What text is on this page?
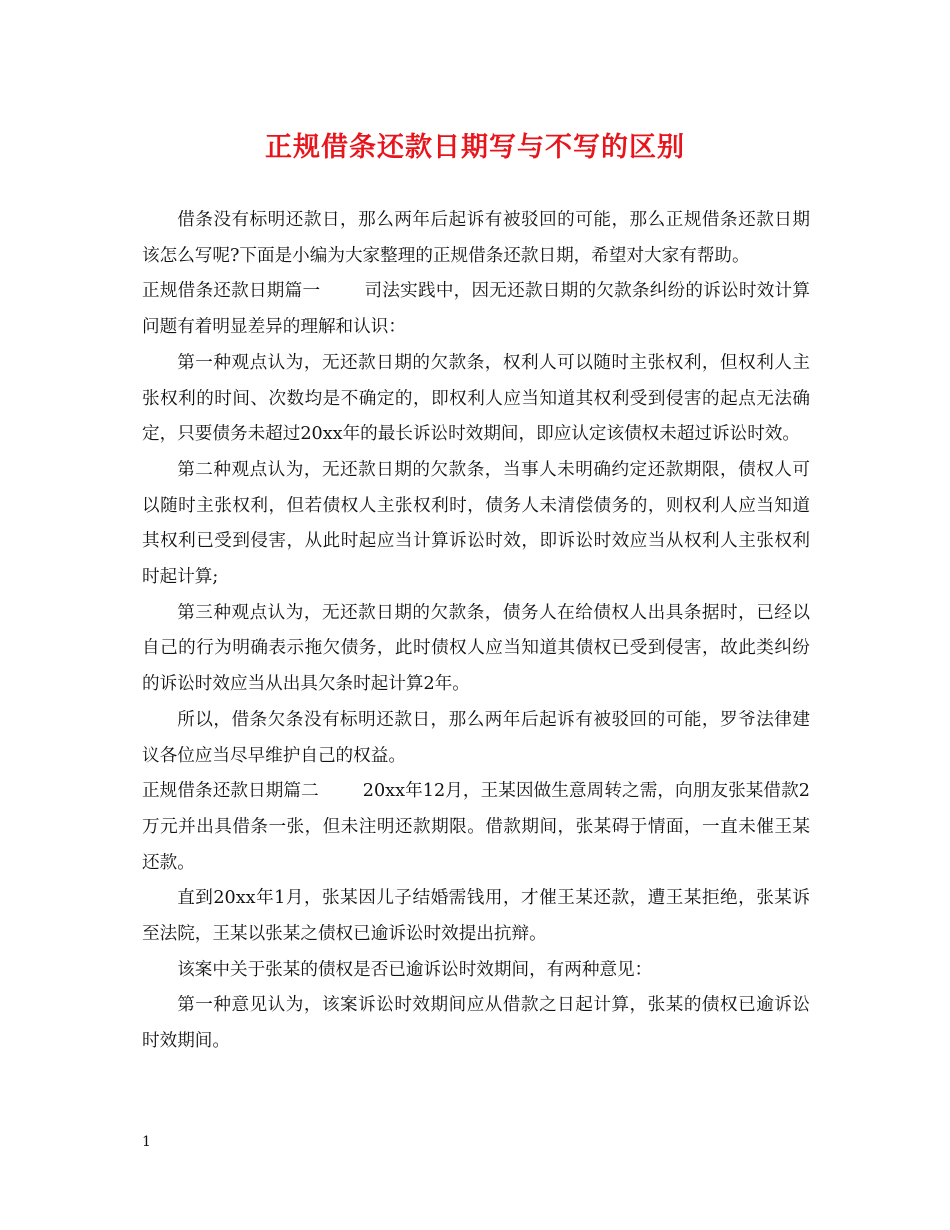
正规借条还款日期写与不写的区别

借条没有标明还款日，那么两年后起诉有被驳回的可能，那么正规借条还款日期该怎么写呢?下面是小编为大家整理的正规借条还款日期，希望对大家有帮助。

正规借条还款日期篇一	司法实践中，因无还款日期的欠款条纠纷的诉讼时效计算问题有着明显差异的理解和认识：

第一种观点认为，无还款日期的欠款条，权利人可以随时主张权利，但权利人主张权利的时间、次数均是不确定的，即权利人应当知道其权利受到侵害的起点无法确定，只要债务未超过20xx年的最长诉讼时效期间，即应认定该债权未超过诉讼时效。

第二种观点认为，无还款日期的欠款条，当事人未明确约定还款期限，债权人可以随时主张权利，但若债权人主张权利时，债务人未清偿债务的，则权利人应当知道其权利已受到侵害，从此时起应当计算诉讼时效，即诉讼时效应当从权利人主张权利时起计算;

第三种观点认为，无还款日期的欠款条，债务人在给债权人出具条据时，已经以自己的行为明确表示拖欠债务，此时债权人应当知道其债权已受到侵害，故此类纠纷的诉讼时效应当从出具欠条时起计算2年。

所以，借条欠条没有标明还款日，那么两年后起诉有被驳回的可能，罗爷法律建议各位应当尽早维护自己的权益。

正规借条还款日期篇二	20xx年12月，王某因做生意周转之需，向朋友张某借款2万元并出具借条一张，但未注明还款期限。借款期间，张某碍于情面，一直未催王某还款。

直到20xx年1月，张某因儿子结婚需钱用，才催王某还款，遭王某拒绝，张某诉至法院，王某以张某之债权已逾诉讼时效提出抗辩。

该案中关于张某的债权是否已逾诉讼时效期间，有两种意见：

第一种意见认为，该案诉讼时效期间应从借款之日起计算，张某的债权已逾诉讼时效期间。

1
